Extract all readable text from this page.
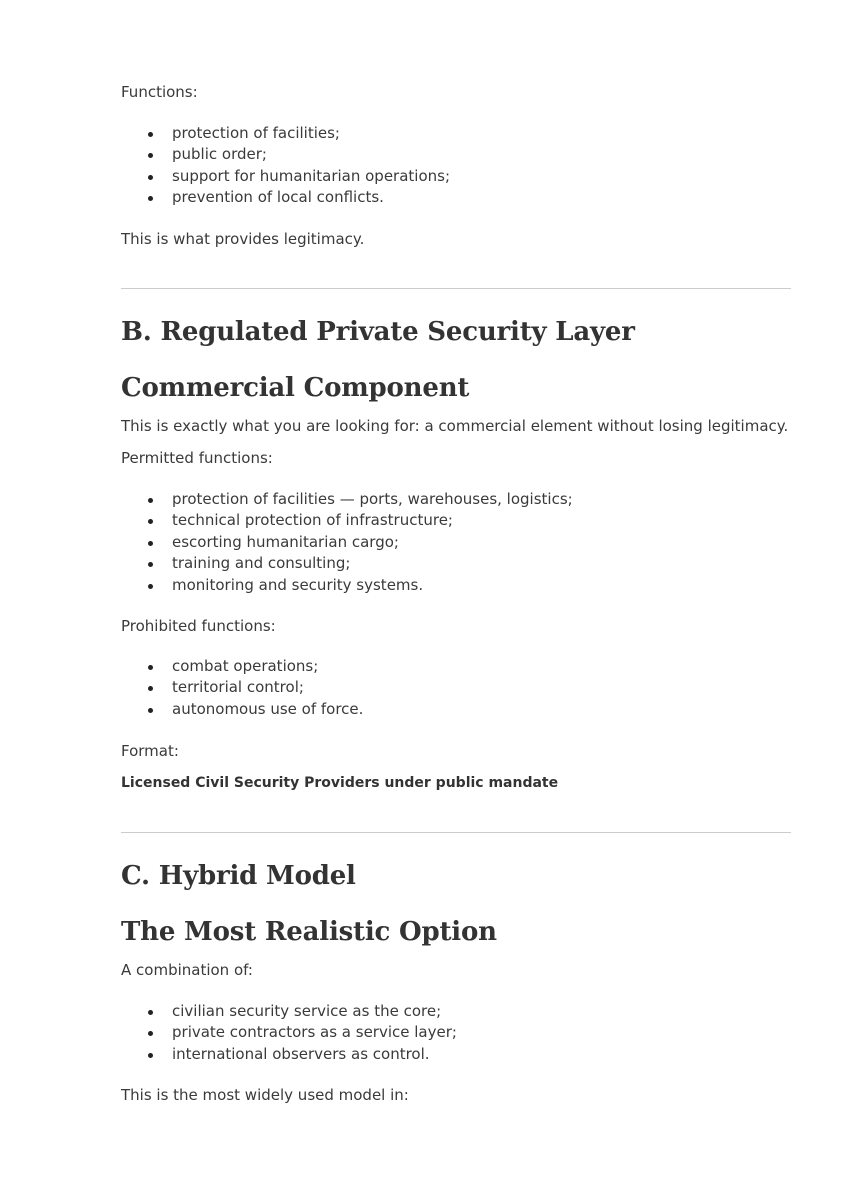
Functions:

protection of facilities;
public order;
support for humanitarian operations;
prevention of local conflicts.

This is what provides legitimacy.

B. Regulated Private Security Layer
Commercial Component

This is exactly what you are looking for: a commercial element without losing legitimacy.

Permitted functions:

protection of facilities — ports, warehouses, logistics;
technical protection of infrastructure;
escorting humanitarian cargo;
training and consulting;
monitoring and security systems.

Prohibited functions:

combat operations;
territorial control;
autonomous use of force.

Format:

Licensed Civil Security Providers under public mandate

C. Hybrid Model
The Most Realistic Option

A combination of:

civilian security service as the core;
private contractors as a service layer;
international observers as control.

This is the most widely used model in:
